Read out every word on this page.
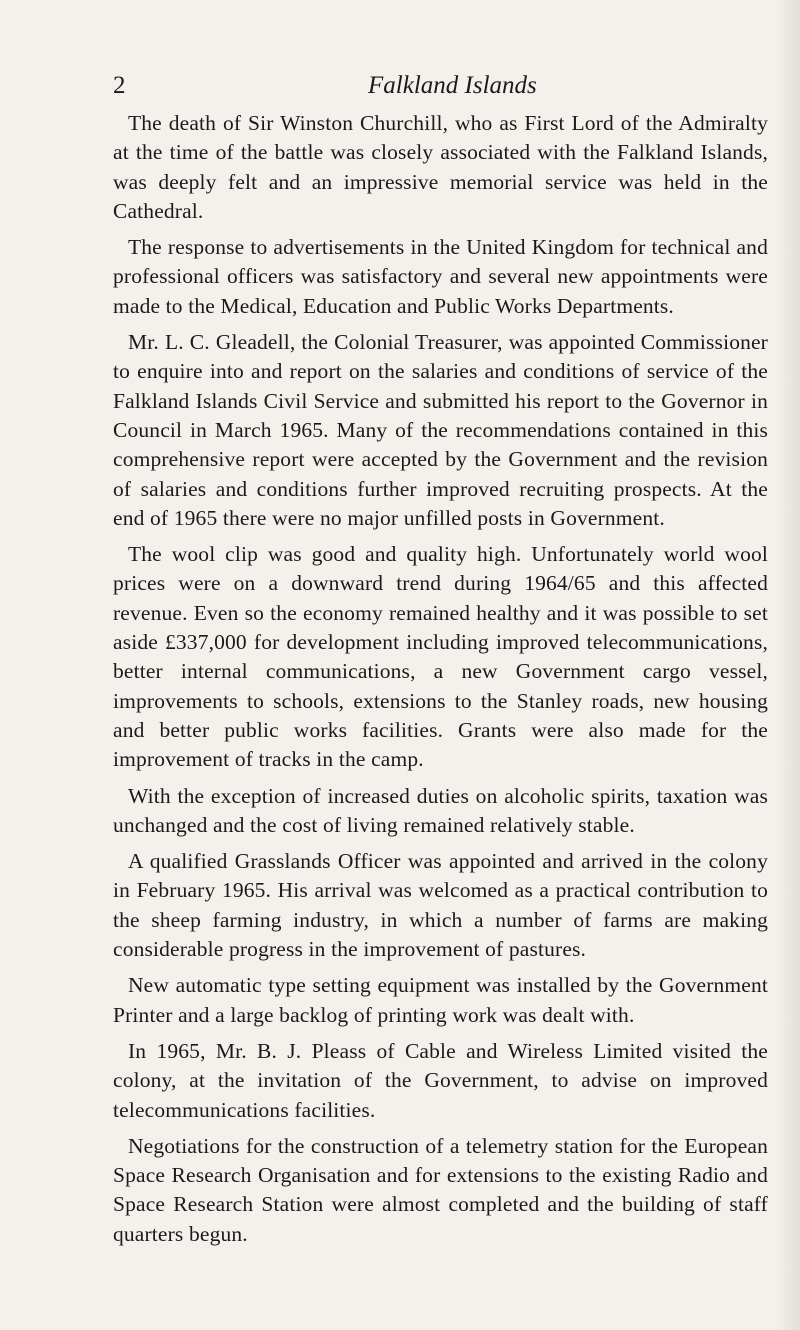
2	Falkland Islands

The death of Sir Winston Churchill, who as First Lord of the Admiralty at the time of the battle was closely associated with the Falkland Islands, was deeply felt and an impressive memorial service was held in the Cathedral.

The response to advertisements in the United Kingdom for technical and professional officers was satisfactory and several new appointments were made to the Medical, Education and Public Works Departments.

Mr. L. C. Gleadell, the Colonial Treasurer, was appointed Commissioner to enquire into and report on the salaries and conditions of service of the Falkland Islands Civil Service and submitted his report to the Governor in Council in March 1965. Many of the recommendations contained in this comprehensive report were accepted by the Government and the revision of salaries and conditions further improved recruiting prospects. At the end of 1965 there were no major unfilled posts in Government.

The wool clip was good and quality high. Unfortunately world wool prices were on a downward trend during 1964/65 and this affected revenue. Even so the economy remained healthy and it was possible to set aside £337,000 for development including improved telecommunications, better internal communications, a new Government cargo vessel, improvements to schools, extensions to the Stanley roads, new housing and better public works facilities. Grants were also made for the improvement of tracks in the camp.

With the exception of increased duties on alcoholic spirits, taxation was unchanged and the cost of living remained relatively stable.

A qualified Grasslands Officer was appointed and arrived in the colony in February 1965. His arrival was welcomed as a practical contribution to the sheep farming industry, in which a number of farms are making considerable progress in the improvement of pastures.

New automatic type setting equipment was installed by the Government Printer and a large backlog of printing work was dealt with.

In 1965, Mr. B. J. Pleass of Cable and Wireless Limited visited the colony, at the invitation of the Government, to advise on improved telecommunications facilities.

Negotiations for the construction of a telemetry station for the European Space Research Organisation and for extensions to the existing Radio and Space Research Station were almost completed and the building of staff quarters begun.
